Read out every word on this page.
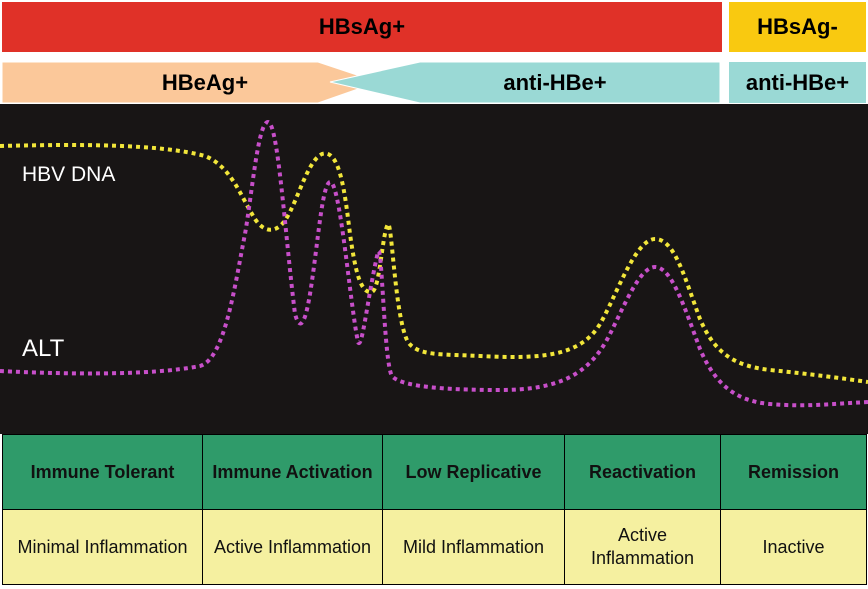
HBsAg+	HBsAg-
HBeAg+	anti-HBe+	anti-HBe+
HBV DNA
ALT
Immune Tolerant	Immune Activation	Low Replicative	Reactivation	Remission
Minimal Inflammation	Active Inflammation	Mild Inflammation	Active Inflammation	Inactive
